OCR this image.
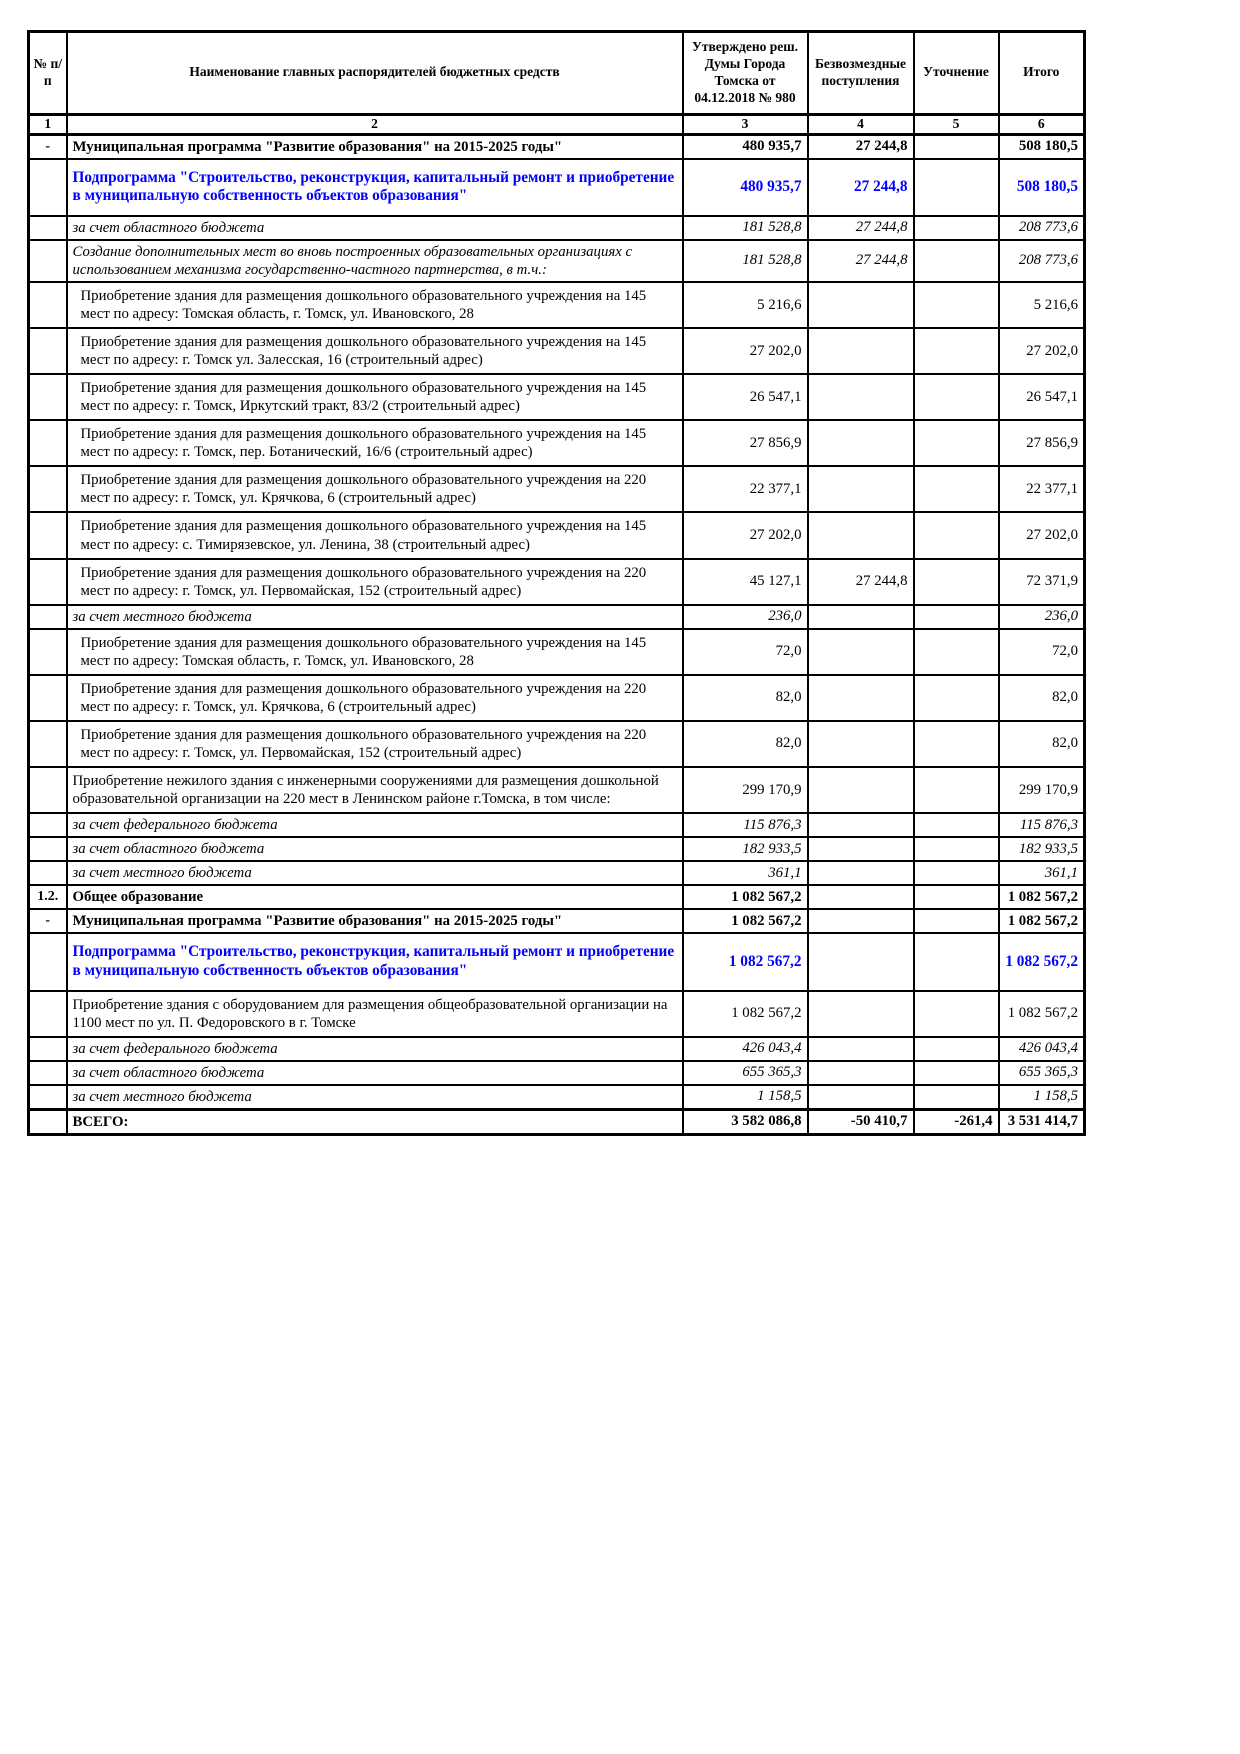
№ п/п	Наименование главных распорядителей бюджетных средств	Утверждено реш. Думы Города Томска от 04.12.2018 № 980	Безвозмездные поступления	Уточнение	Итого
1	2	3	4	5	6
-	Муниципальная программа "Развитие образования" на 2015-2025 годы"	480 935,7	27 244,8		508 180,5
	Подпрограмма "Строительство, реконструкция, капитальный ремонт и приобретение в муниципальную собственность объектов образования"	480 935,7	27 244,8		508 180,5
	за счет областного бюджета	181 528,8	27 244,8		208 773,6
	Создание дополнительных мест во вновь построенных образовательных организациях с использованием механизма государственно-частного партнерства, в т.ч.:	181 528,8	27 244,8		208 773,6
	Приобретение здания для размещения дошкольного образовательного учреждения на 145 мест по адресу: Томская область, г. Томск, ул. Ивановского, 28	5 216,6			5 216,6
	Приобретение здания для размещения дошкольного образовательного учреждения на 145 мест по адресу: г. Томск ул. Залесская, 16 (строительный адрес)	27 202,0			27 202,0
	Приобретение здания для размещения дошкольного образовательного учреждения на 145 мест по адресу: г. Томск, Иркутский тракт, 83/2 (строительный адрес)	26 547,1			26 547,1
	Приобретение здания для размещения дошкольного образовательного учреждения на 145 мест по адресу: г. Томск, пер. Ботанический, 16/6 (строительный адрес)	27 856,9			27 856,9
	Приобретение здания для размещения дошкольного образовательного учреждения на 220 мест по адресу: г. Томск, ул. Крячкова, 6 (строительный адрес)	22 377,1			22 377,1
	Приобретение здания для размещения дошкольного образовательного учреждения на 145 мест по адресу: с. Тимирязевское, ул. Ленина, 38 (строительный адрес)	27 202,0			27 202,0
	Приобретение здания для размещения дошкольного образовательного учреждения на 220 мест по адресу: г. Томск, ул. Первомайская, 152 (строительный адрес)	45 127,1	27 244,8		72 371,9
	за счет местного бюджета	236,0			236,0
	Приобретение здания для размещения дошкольного образовательного учреждения на 145 мест по адресу: Томская область, г. Томск, ул. Ивановского, 28	72,0			72,0
	Приобретение здания для размещения дошкольного образовательного учреждения на 220 мест по адресу: г. Томск, ул. Крячкова, 6 (строительный адрес)	82,0			82,0
	Приобретение здания для размещения дошкольного образовательного учреждения на 220 мест по адресу: г. Томск, ул. Первомайская, 152 (строительный адрес)	82,0			82,0
	Приобретение нежилого здания с инженерными сооружениями для размещения дошкольной образовательной организации на 220 мест в Ленинском районе г.Томска, в том числе:	299 170,9			299 170,9
	за счет федерального бюджета	115 876,3			115 876,3
	за счет областного бюджета	182 933,5			182 933,5
	за счет местного бюджета	361,1			361,1
1.2.	Общее образование	1 082 567,2			1 082 567,2
-	Муниципальная программа "Развитие образования" на 2015-2025 годы"	1 082 567,2			1 082 567,2
	Подпрограмма "Строительство, реконструкция, капитальный ремонт и приобретение в муниципальную собственность объектов образования"	1 082 567,2			1 082 567,2
	Приобретение здания с оборудованием для размещения общеобразовательной организации на 1100 мест по ул. П. Федоровского в г. Томске	1 082 567,2			1 082 567,2
	за счет федерального бюджета	426 043,4			426 043,4
	за счет областного бюджета	655 365,3			655 365,3
	за счет местного бюджета	1 158,5			1 158,5
	ВСЕГО:	3 582 086,8	-50 410,7	-261,4	3 531 414,7
